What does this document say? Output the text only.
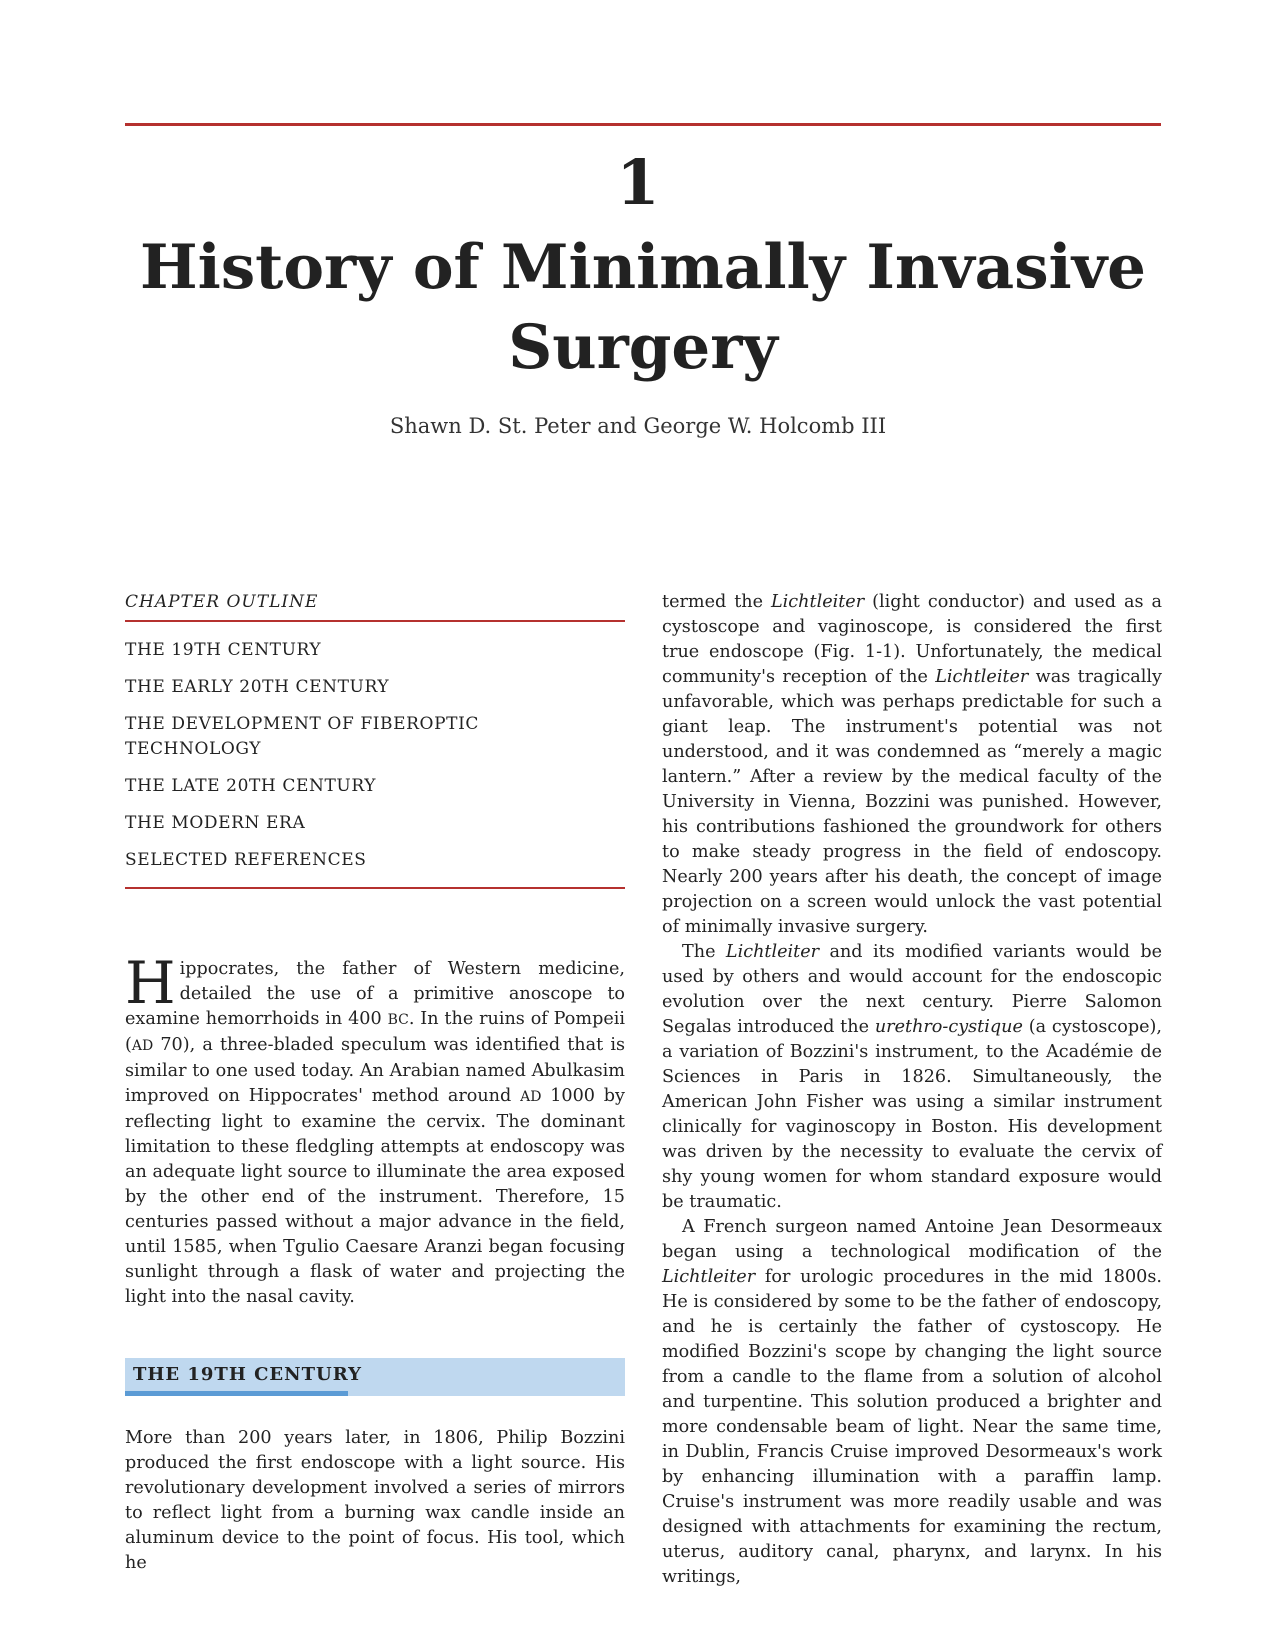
1
History of Minimally Invasive Surgery
Shawn D. St. Peter and George W. Holcomb III
CHAPTER OUTLINE
THE 19TH CENTURY
THE EARLY 20TH CENTURY
THE DEVELOPMENT OF FIBEROPTIC TECHNOLOGY
THE LATE 20TH CENTURY
THE MODERN ERA
SELECTED REFERENCES

Hippocrates, the father of Western medicine, detailed the use of a primitive anoscope to examine hemorrhoids in 400 BC. In the ruins of Pompeii (AD 70), a three-bladed speculum was identified that is similar to one used today. An Arabian named Abulkasim improved on Hippocrates' method around AD 1000 by reflecting light to examine the cervix. The dominant limitation to these fledgling attempts at endoscopy was an adequate light source to illuminate the area exposed by the other end of the instrument. Therefore, 15 centuries passed without a major advance in the field, until 1585, when Tgulio Caesare Aranzi began focusing sunlight through a flask of water and projecting the light into the nasal cavity.

THE 19TH CENTURY

More than 200 years later, in 1806, Philip Bozzini produced the first endoscope with a light source. His revolutionary development involved a series of mirrors to reflect light from a burning wax candle inside an aluminum device to the point of focus. His tool, which he

termed the Lichtleiter (light conductor) and used as a cystoscope and vaginoscope, is considered the first true endoscope (Fig. 1-1). Unfortunately, the medical community's reception of the Lichtleiter was tragically unfavorable, which was perhaps predictable for such a giant leap. The instrument's potential was not understood, and it was condemned as “merely a magic lantern.” After a review by the medical faculty of the University in Vienna, Bozzini was punished. However, his contributions fashioned the groundwork for others to make steady progress in the field of endoscopy. Nearly 200 years after his death, the concept of image projection on a screen would unlock the vast potential of minimally invasive surgery.

The Lichtleiter and its modified variants would be used by others and would account for the endoscopic evolution over the next century. Pierre Salomon Segalas introduced the urethro-cystique (a cystoscope), a variation of Bozzini's instrument, to the Académie de Sciences in Paris in 1826. Simultaneously, the American John Fisher was using a similar instrument clinically for vaginoscopy in Boston. His development was driven by the necessity to evaluate the cervix of shy young women for whom standard exposure would be traumatic.

A French surgeon named Antoine Jean Desormeaux began using a technological modification of the Lichtleiter for urologic procedures in the mid 1800s. He is considered by some to be the father of endoscopy, and he is certainly the father of cystoscopy. He modified Bozzini's scope by changing the light source from a candle to the flame from a solution of alcohol and turpentine. This solution produced a brighter and more condensable beam of light. Near the same time, in Dublin, Francis Cruise improved Desormeaux's work by enhancing illumination with a paraffin lamp. Cruise's instrument was more readily usable and was designed with attachments for examining the rectum, uterus, auditory canal, pharynx, and larynx. In his writings,
